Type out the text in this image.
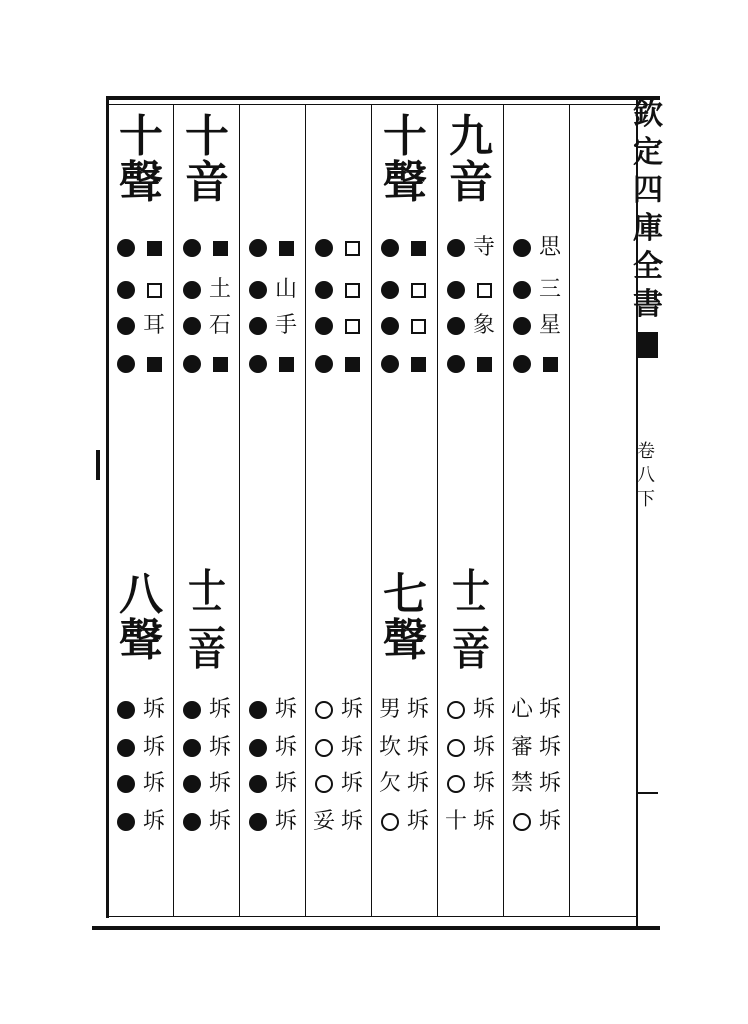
欽
定
四
庫
全
書
卷
八
下
十
聲
耳
八
聲
坼
坼
坼
坼
十
音
土
石
十
二
音
坼
坼
坼
坼
山
手
坼
坼
坼
坼
坼
坼
坼
妥 坼
十
聲
七
聲
男 坼
坎 坼
欠 坼
坼
九
音
寺
象
十
二
音
坼
坼
坼
十 坼
思
三
星
心 坼
審 坼
禁 坼
坼
